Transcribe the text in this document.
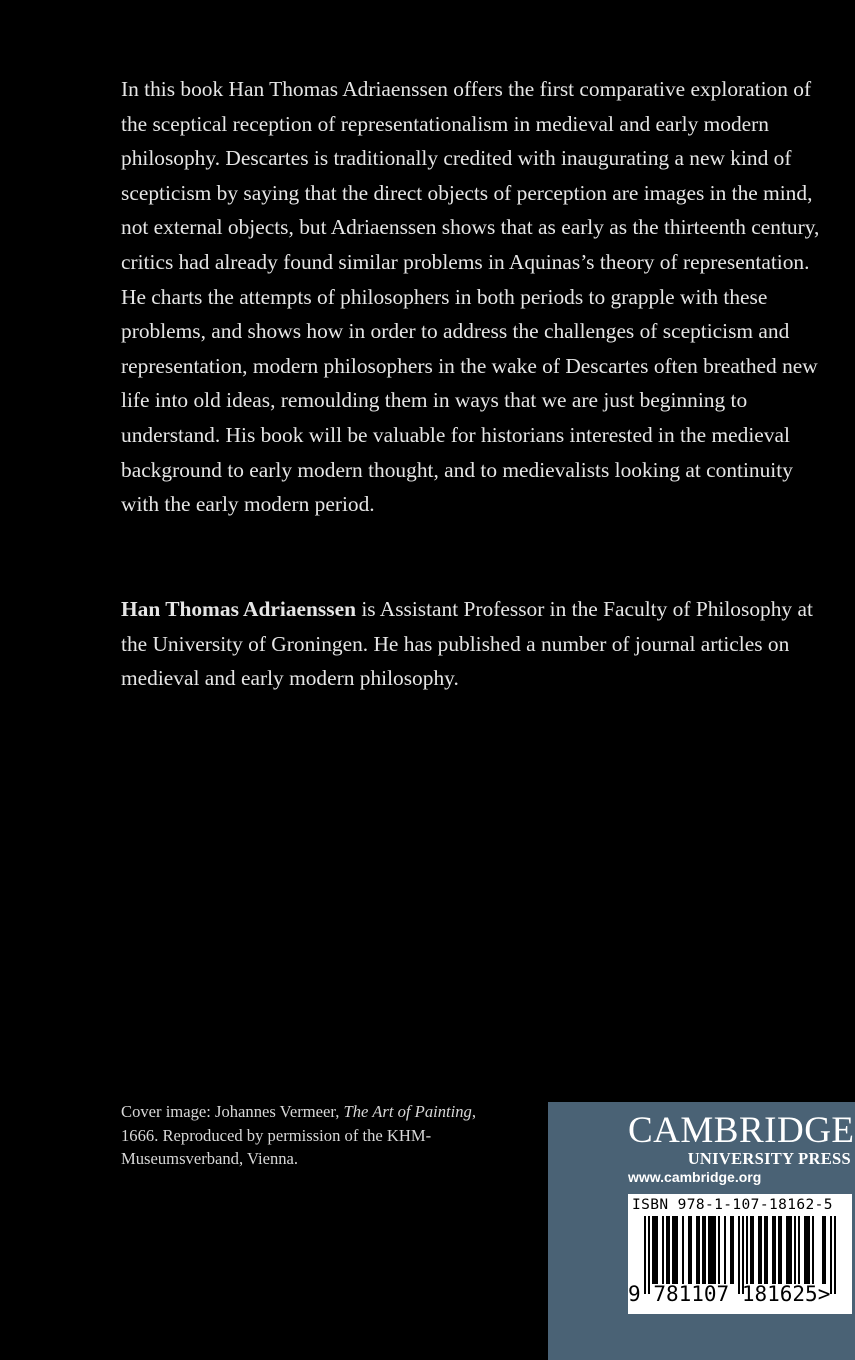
In this book Han Thomas Adriaenssen offers the first comparative exploration of the sceptical reception of representationalism in medieval and early modern philosophy. Descartes is traditionally credited with inaugurating a new kind of scepticism by saying that the direct objects of perception are images in the mind, not external objects, but Adriaenssen shows that as early as the thirteenth century, critics had already found similar problems in Aquinas’s theory of representation. He charts the attempts of philosophers in both periods to grapple with these problems, and shows how in order to address the challenges of scepticism and representation, modern philosophers in the wake of Descartes often breathed new life into old ideas, remoulding them in ways that we are just beginning to understand. His book will be valuable for historians interested in the medieval background to early modern thought, and to medievalists looking at continuity with the early modern period.

Han Thomas Adriaenssen is Assistant Professor in the Faculty of Philosophy at the University of Groningen. He has published a number of journal articles on medieval and early modern philosophy.

Cover image: Johannes Vermeer, The Art of Painting, 1666. Reproduced by permission of the KHM-Museumsverband, Vienna.

CAMBRIDGE
UNIVERSITY PRESS
www.cambridge.org
ISBN 978-1-107-18162-5
9 781107 181625>
